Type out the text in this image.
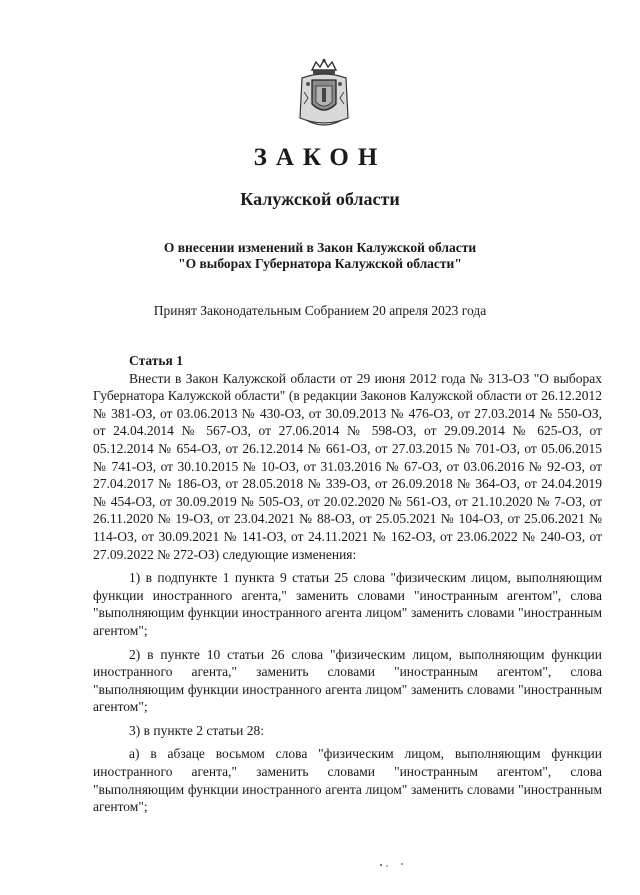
ЗАКОН
Калужской области
О внесении изменений в Закон Калужской области
"О выборах Губернатора Калужской области"
Принят Законодательным Собранием 20 апреля 2023 года

Статья 1

Внести в Закон Калужской области от 29 июня 2012 года № 313-ОЗ "О выборах Губернатора Калужской области" (в редакции Законов Калужской области от 26.12.2012 № 381-ОЗ, от 03.06.2013 № 430-ОЗ, от 30.09.2013 № 476-ОЗ, от 27.03.2014 № 550-ОЗ, от 24.04.2014 № 567-ОЗ, от 27.06.2014 № 598-ОЗ, от 29.09.2014 № 625-ОЗ, от 05.12.2014 № 654-ОЗ, от 26.12.2014 № 661-ОЗ, от 27.03.2015 № 701-ОЗ, от 05.06.2015 № 741-ОЗ, от 30.10.2015 № 10-ОЗ, от 31.03.2016 № 67-ОЗ, от 03.06.2016 № 92-ОЗ, от 27.04.2017 № 186-ОЗ, от 28.05.2018 № 339-ОЗ, от 26.09.2018 № 364-ОЗ, от 24.04.2019 № 454-ОЗ, от 30.09.2019 № 505-ОЗ, от 20.02.2020 № 561-ОЗ, от 21.10.2020 № 7-ОЗ, от 26.11.2020 № 19-ОЗ, от 23.04.2021 № 88-ОЗ, от 25.05.2021 № 104-ОЗ, от 25.06.2021 № 114-ОЗ, от 30.09.2021 № 141-ОЗ, от 24.11.2021 № 162-ОЗ, от 23.06.2022 № 240-ОЗ, от 27.09.2022 № 272-ОЗ) следующие изменения:

1) в подпункте 1 пункта 9 статьи 25 слова "физическим лицом, выполняющим функции иностранного агента," заменить словами "иностранным агентом", слова "выполняющим функции иностранного агента лицом" заменить словами "иностранным агентом";

2) в пункте 10 статьи 26 слова "физическим лицом, выполняющим функции иностранного агента," заменить словами "иностранным агентом", слова "выполняющим функции иностранного агента лицом" заменить словами "иностранным агентом";

3) в пункте 2 статьи 28:

а) в абзаце восьмом слова "физическим лицом, выполняющим функции иностранного агента," заменить словами "иностранным агентом", слова "выполняющим функции иностранного агента лицом" заменить словами "иностранным агентом";
